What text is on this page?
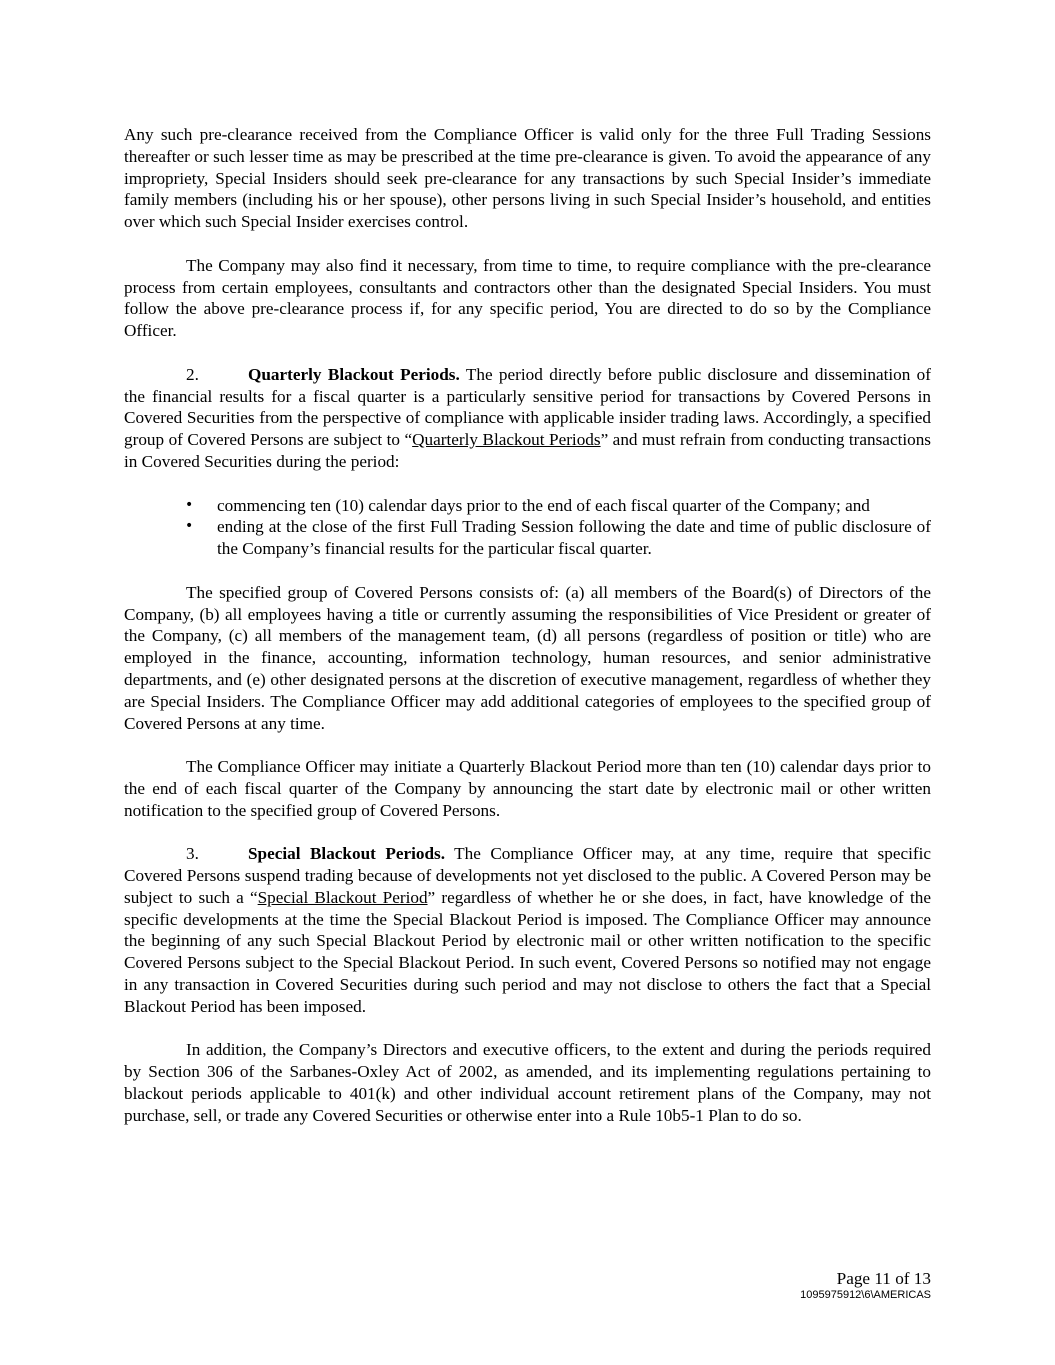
Any such pre-clearance received from the Compliance Officer is valid only for the three Full Trading Sessions thereafter or such lesser time as may be prescribed at the time pre-clearance is given. To avoid the appearance of any impropriety, Special Insiders should seek pre-clearance for any transactions by such Special Insider’s immediate family members (including his or her spouse), other persons living in such Special Insider’s household, and entities over which such Special Insider exercises control.

The Company may also find it necessary, from time to time, to require compliance with the pre-clearance process from certain employees, consultants and contractors other than the designated Special Insiders. You must follow the above pre-clearance process if, for any specific period, You are directed to do so by the Compliance Officer.

2.	Quarterly Blackout Periods. The period directly before public disclosure and dissemination of the financial results for a fiscal quarter is a particularly sensitive period for transactions by Covered Persons in Covered Securities from the perspective of compliance with applicable insider trading laws. Accordingly, a specified group of Covered Persons are subject to “Quarterly Blackout Periods” and must refrain from conducting transactions in Covered Securities during the period:

• commencing ten (10) calendar days prior to the end of each fiscal quarter of the Company; and
• ending at the close of the first Full Trading Session following the date and time of public disclosure of the Company’s financial results for the particular fiscal quarter.

The specified group of Covered Persons consists of: (a) all members of the Board(s) of Directors of the Company, (b) all employees having a title or currently assuming the responsibilities of Vice President or greater of the Company, (c) all members of the management team, (d) all persons (regardless of position or title) who are employed in the finance, accounting, information technology, human resources, and senior administrative departments, and (e) other designated persons at the discretion of executive management, regardless of whether they are Special Insiders. The Compliance Officer may add additional categories of employees to the specified group of Covered Persons at any time.

The Compliance Officer may initiate a Quarterly Blackout Period more than ten (10) calendar days prior to the end of each fiscal quarter of the Company by announcing the start date by electronic mail or other written notification to the specified group of Covered Persons.

3.	Special Blackout Periods. The Compliance Officer may, at any time, require that specific Covered Persons suspend trading because of developments not yet disclosed to the public. A Covered Person may be subject to such a “Special Blackout Period” regardless of whether he or she does, in fact, have knowledge of the specific developments at the time the Special Blackout Period is imposed. The Compliance Officer may announce the beginning of any such Special Blackout Period by electronic mail or other written notification to the specific Covered Persons subject to the Special Blackout Period. In such event, Covered Persons so notified may not engage in any transaction in Covered Securities during such period and may not disclose to others the fact that a Special Blackout Period has been imposed.

In addition, the Company’s Directors and executive officers, to the extent and during the periods required by Section 306 of the Sarbanes-Oxley Act of 2002, as amended, and its implementing regulations pertaining to blackout periods applicable to 401(k) and other individual account retirement plans of the Company, may not purchase, sell, or trade any Covered Securities or otherwise enter into a Rule 10b5-1 Plan to do so.

Page 11 of 13
1095975912\6\AMERICAS
